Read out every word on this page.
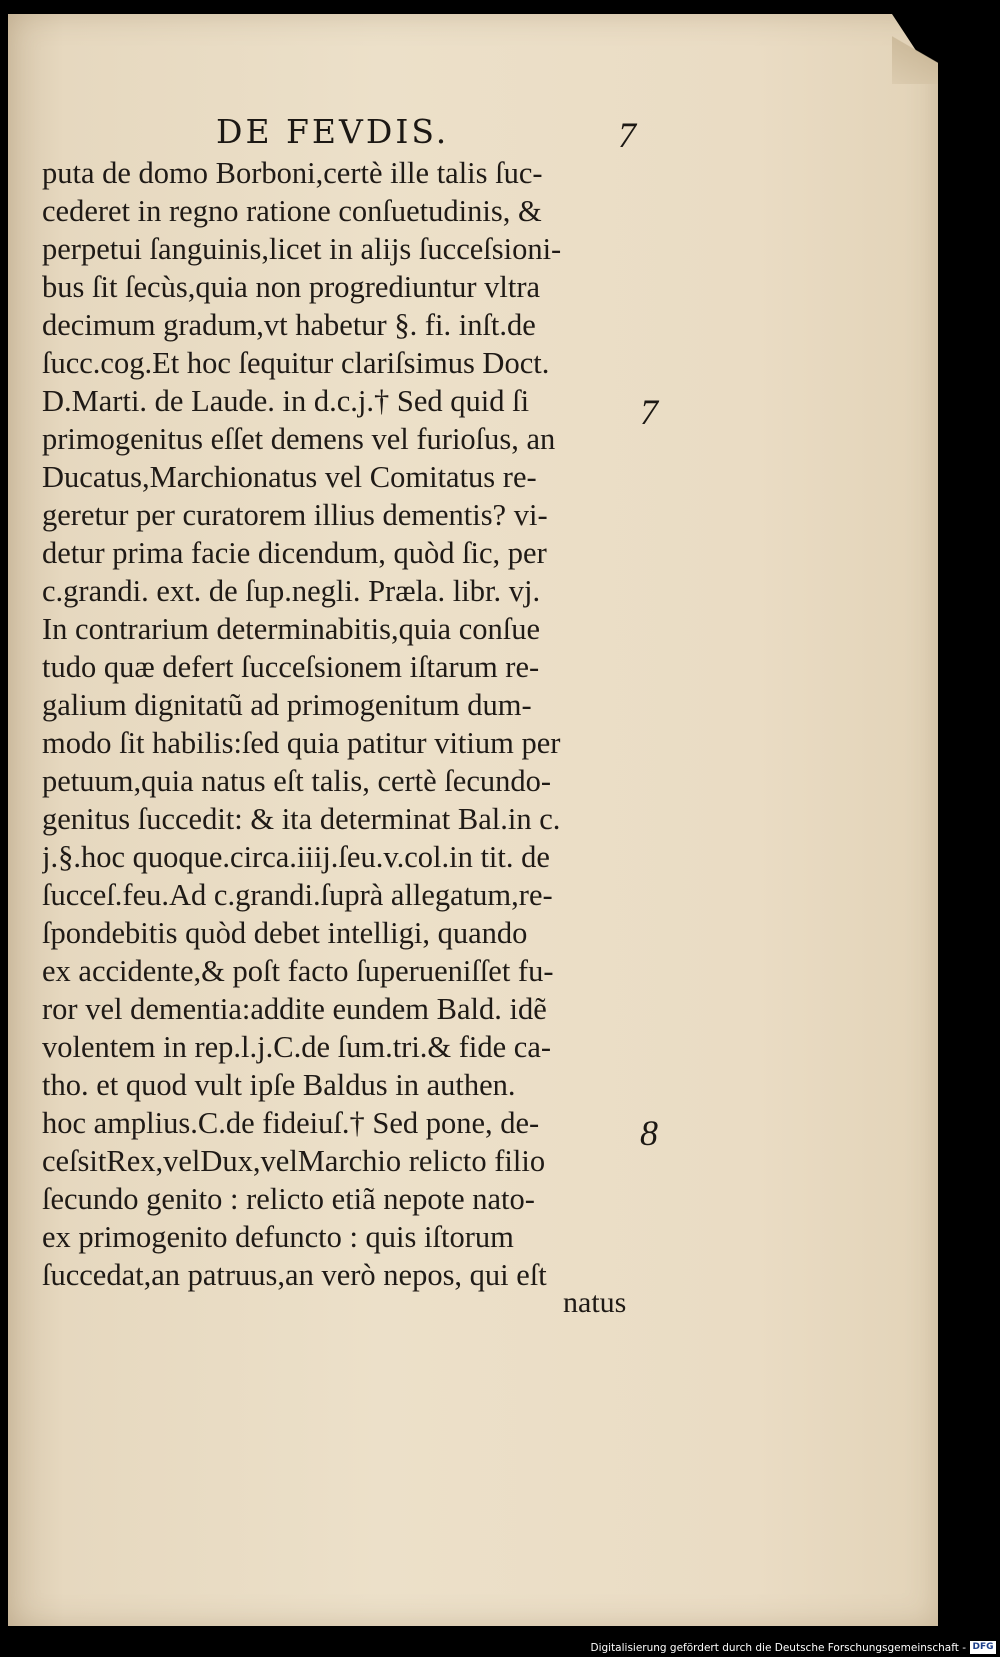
DE FEVDIS.	7
puta de domo Borboni,certè ille talis ſuc-
cederet in regno ratione conſuetudinis, &
perpetui ſanguinis,licet in alijs ſucceſsioni-
bus ſit ſecùs,quia non progrediuntur vltra
decimum gradum,vt habetur §. fi. inſt.de
ſucc.cog.Et hoc ſequitur clariſsimus Doct.
D.Marti. de Laude. in d.c.j.† Sed quid ſi
primogenitus eſſet demens vel furioſus, an
Ducatus,Marchionatus vel Comitatus re-
geretur per curatorem illius dementis? vi-
detur prima facie dicendum, quòd ſic, per
c.grandi. ext. de ſup.negli. Præla. libr. vj.
In contrarium determinabitis,quia conſue
tudo quæ defert ſucceſsionem iſtarum re-
galium dignitatũ ad primogenitum dum-
modo ſit habilis:ſed quia patitur vitium per
petuum,quia natus eſt talis, certè ſecundo-
genitus ſuccedit: & ita determinat Bal.in c.
j.§.hoc quoque.circa.iiij.ſeu.v.col.in tit. de
ſucceſ.feu.Ad c.grandi.ſuprà allegatum,re-
ſpondebitis quòd debet intelligi, quando
ex accidente,& poſt facto ſuperueniſſet fu-
ror vel dementia:addite eundem Bald. idẽ
volentem in rep.l.j.C.de ſum.tri.& fide ca-
tho. et quod vult ipſe Baldus in authen.
hoc amplius.C.de fideiuſ.† Sed pone, de-
ceſsitRex,velDux,velMarchio relicto filio
ſecundo genito : relicto etiã nepote nato-
ex primogenito defuncto : quis iſtorum
ſuccedat,an patruus,an verò nepos, qui eſt
natus
7
8
Digitalisierung gefördert durch die Deutsche Forschungsgemeinschaft - DFG
